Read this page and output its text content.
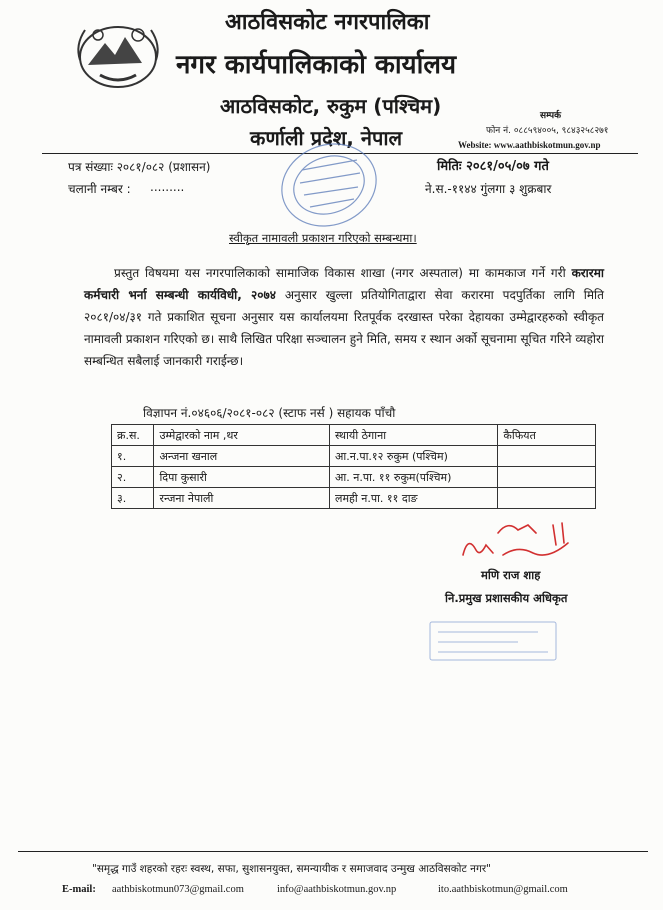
आठविसकोट नगरपालिका
नगर कार्यपालिकाको कार्यालय
आठविसकोट, रुकुम (पश्चिम)
कर्णाली प्रदेश, नेपाल
सम्पर्क
फोन नं. ०८८५९४००५, ९८४३२५८२७१
Website: www.aathbiskotmun.gov.np
पत्र संख्याः २०८१/०८२ (प्रशासन)	मितिः २०८१/०५/०७ गते
चलानी नम्बर : .........	ने.स.-११४४ गुंलगा ३ शुक्रबार
स्वीकृत नामावली प्रकाशन गरिएको सम्बन्धमा।
प्रस्तुत विषयमा यस नगरपालिकाको सामाजिक विकास शाखा (नगर अस्पताल) मा कामकाज गर्ने गरी करारमा कर्मचारी भर्ना सम्बन्धी कार्यविधी, २०७४ अनुसार खुल्ला प्रतियोगिताद्वारा सेवा करारमा पदपुर्तिका लागि मिति २०८१/०४/३१ गते प्रकाशित सूचना अनुसार यस कार्यालयमा रितपूर्वक दरखास्त परेका देहायका उम्मेद्वारहरुको स्वीकृत नामावली प्रकाशन गरिएको छ। साथै लिखित परिक्षा सञ्चालन हुने मिति, समय र स्थान अर्को सूचनामा सूचित गरिने व्यहोरा सम्बन्धित सबैलाई जानकारी गराईन्छ।
विज्ञापन नं.०४६०६/२०८१-०८२ (स्टाफ नर्स ) सहायक पाँचौ
क्र.स.	उम्मेद्वारको नाम ,थर	स्थायी ठेगाना	कैफियत
१.	अन्जना खनाल	आ.न.पा.१२ रुकुम (पश्चिम)	
२.	दिपा कुसारी	आ. न.पा. ११ रुकुम(पश्चिम)	
३.	रन्जना नेपाली	लमही न.पा. ११ दाङ	
मणि राज शाह
नि.प्रमुख प्रशासकीय अधिकृत
"समृद्ध गाउँ शहरको रहरः स्वस्थ, सफा, सुशासनयुक्त, समन्यायीक र समाजवाद उन्मुख आठविसकोट नगर"
E-mail: aathbiskotmun073@gmail.com	info@aathbiskotmun.gov.np	ito.aathbiskotmun@gmail.com
